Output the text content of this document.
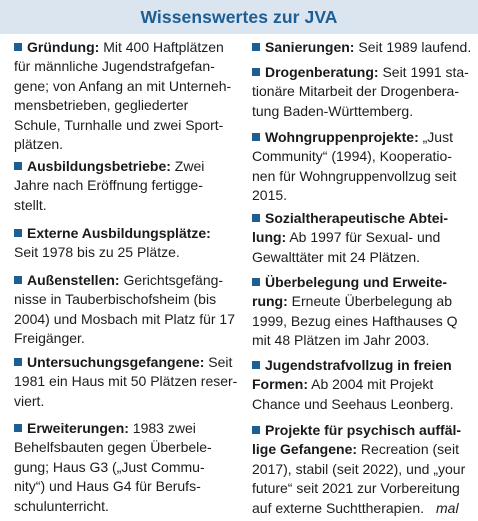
Wissenswertes zur JVA
Gründung: Mit 400 Haftplätzen
für männliche Jugendstrafgefan-
gene; von Anfang an mit Unterneh-
mensbetrieben, gegliederter
Schule, Turnhalle und zwei Sport-
plätzen.
Ausbildungsbetriebe: Zwei
Jahre nach Eröffnung fertigge-
stellt.
Externe Ausbildungsplätze:
Seit 1978 bis zu 25 Plätze.
Außenstellen: Gerichtsgefäng-
nisse in Tauberbischofsheim (bis
2004) und Mosbach mit Platz für 17
Freigänger.
Untersuchungsgefangene: Seit
1981 ein Haus mit 50 Plätzen reser-
viert.
Erweiterungen: 1983 zwei
Behelfsbauten gegen Überbele-
gung; Haus G3 („Just Commu-
nity“) und Haus G4 für Berufs-
schulunterricht.
Sanierungen: Seit 1989 laufend.
Drogenberatung: Seit 1991 sta-
tionäre Mitarbeit der Drogenbera-
tung Baden-Württemberg.
Wohngruppenprojekte: „Just
Community“ (1994), Kooperatio-
nen für Wohngruppenvollzug seit
2015.
Sozialtherapeutische Abtei-
lung: Ab 1997 für Sexual- und
Gewalttäter mit 24 Plätzen.
Überbelegung und Erweite-
rung: Erneute Überbelegung ab
1999, Bezug eines Hafthauses Q
mit 48 Plätzen im Jahr 2003.
Jugendstrafvollzug in freien
Formen: Ab 2004 mit Projekt
Chance und Seehaus Leonberg.
Projekte für psychisch auffäl-
lige Gefangene: Recreation (seit
2017), stabil (seit 2022), und „your
future“ seit 2021 zur Vorbereitung
auf externe Suchttherapien. mal
